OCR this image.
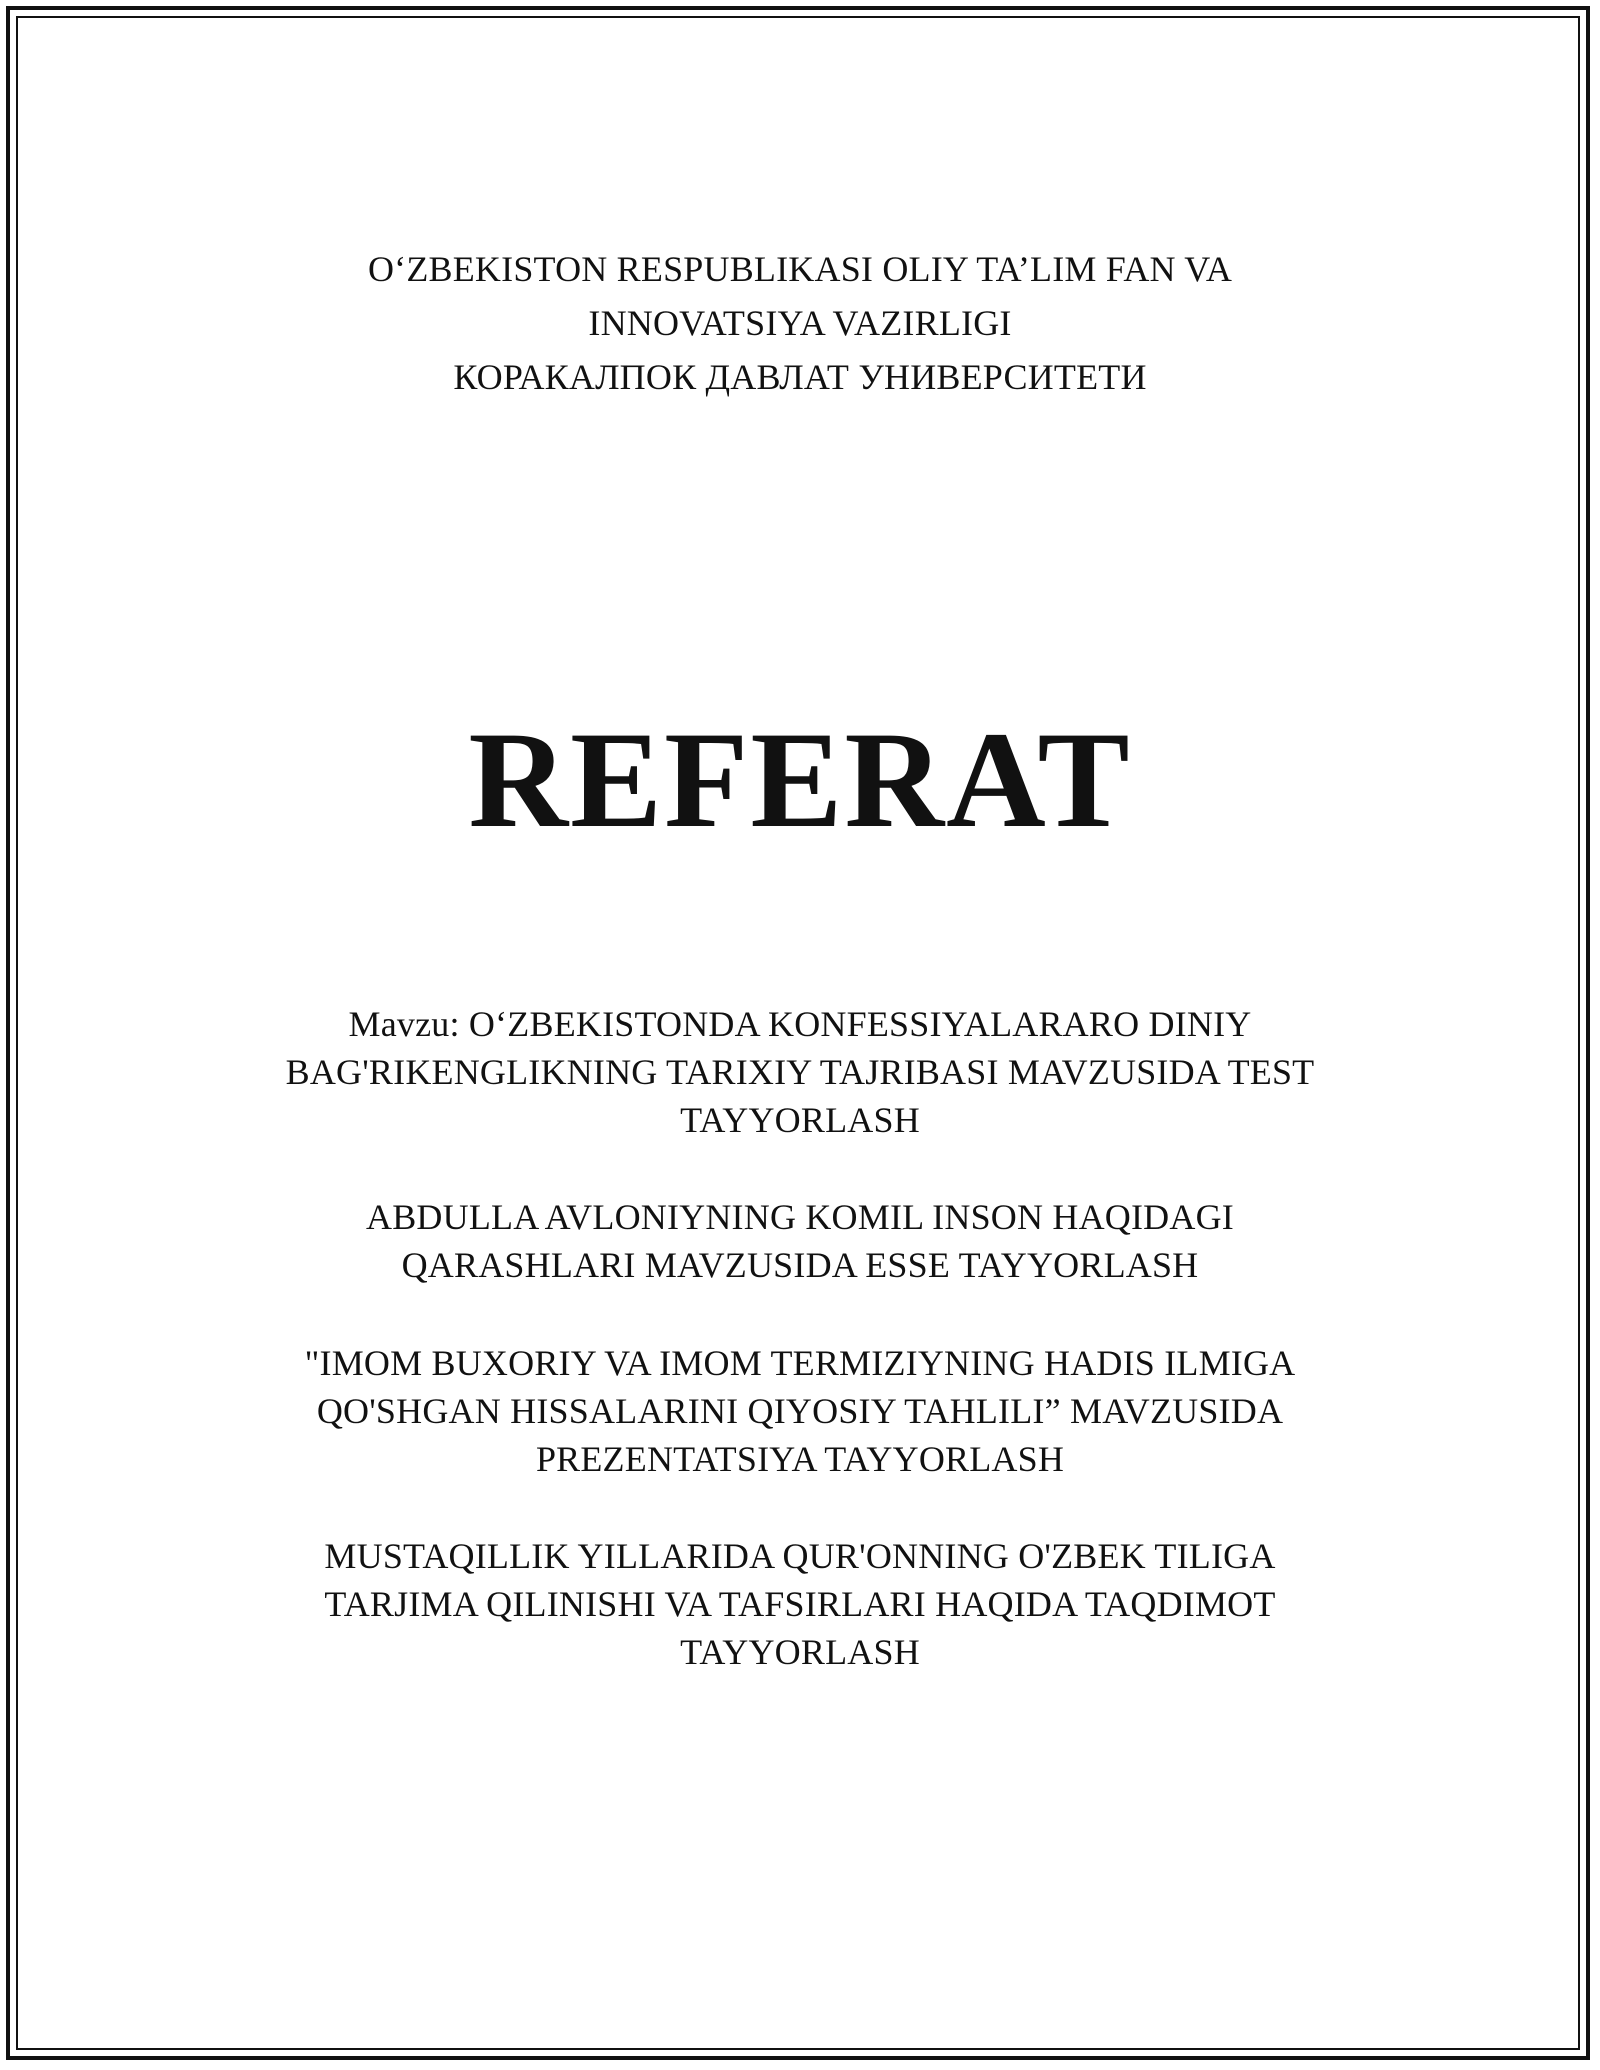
O‘ZBEKISTON RESPUBLIKASI OLIY TA’LIM FAN VA
INNOVATSIYA VAZIRLIGI
КОРАКАЛПОК ДАВЛАТ УНИВЕРСИТЕТИ
REFERAT
Mavzu: O‘ZBEKISTONDA KONFESSIYALARARO DINIY
BAG'RIKENGLIKNING TARIXIY TAJRIBASI MAVZUSIDA TEST
TAYYORLASH
ABDULLA AVLONIYNING KOMIL INSON HAQIDAGI
QARASHLARI MAVZUSIDA ESSE TAYYORLASH
"IMOM BUXORIY VA IMOM TERMIZIYNING HADIS ILMIGA
QO'SHGAN HISSALARINI QIYOSIY TAHLILI” MAVZUSIDA
PREZENTATSIYA TAYYORLASH
MUSTAQILLIK YILLARIDA QUR'ONNING O'ZBEK TILIGA
TARJIMA QILINISHI VA TAFSIRLARI HAQIDA TAQDIMOT
TAYYORLASH
